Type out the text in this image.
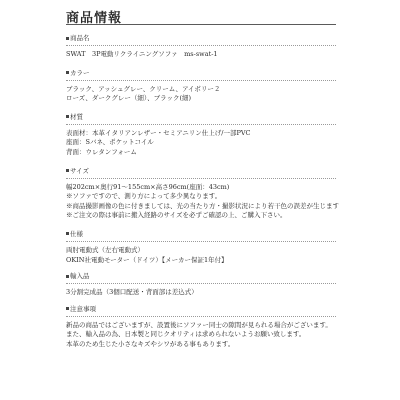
商品情報
商品名
SWAT　3P電動リクライニングソファ　ms-swat-1
カラー
ブラック、アッシュグレー、クリーム、アイボリー２
ローズ、ダークグレー（細）、ブラック(細)
材質
表面材：本革イタリアンレザー・セミアニリン仕上げ/一部PVC
座面：Sバネ、ポケットコイル
背面：ウレタンフォーム
サイズ
幅202cm×奥行91～155cm×高さ96cm(座面：43cm)
※ソファですので、測り方によって多少異なります。
※商品撮影画像の色に付きましては、光の当たり方・撮影状況により若干色の誤差が生じます
※ご注文の際は事前に搬入経路のサイズを必ずご確認の上、ご購入下さい。
仕様
両肘電動式（左右電動式）
OKIN社電動モーター（ドイツ）【メーカー保証1年付】
輸入品
3分割完成品（3個口配送・背面部は差込式）
注意事項
新品の商品ではございますが、設置後にソファー同士の隙間が見られる場合がございます。
また、輸入品の為、日本製と同じクオリティは求められないようお願い致します。
本革のため生じた小さなキズやシワがある事もあります。
